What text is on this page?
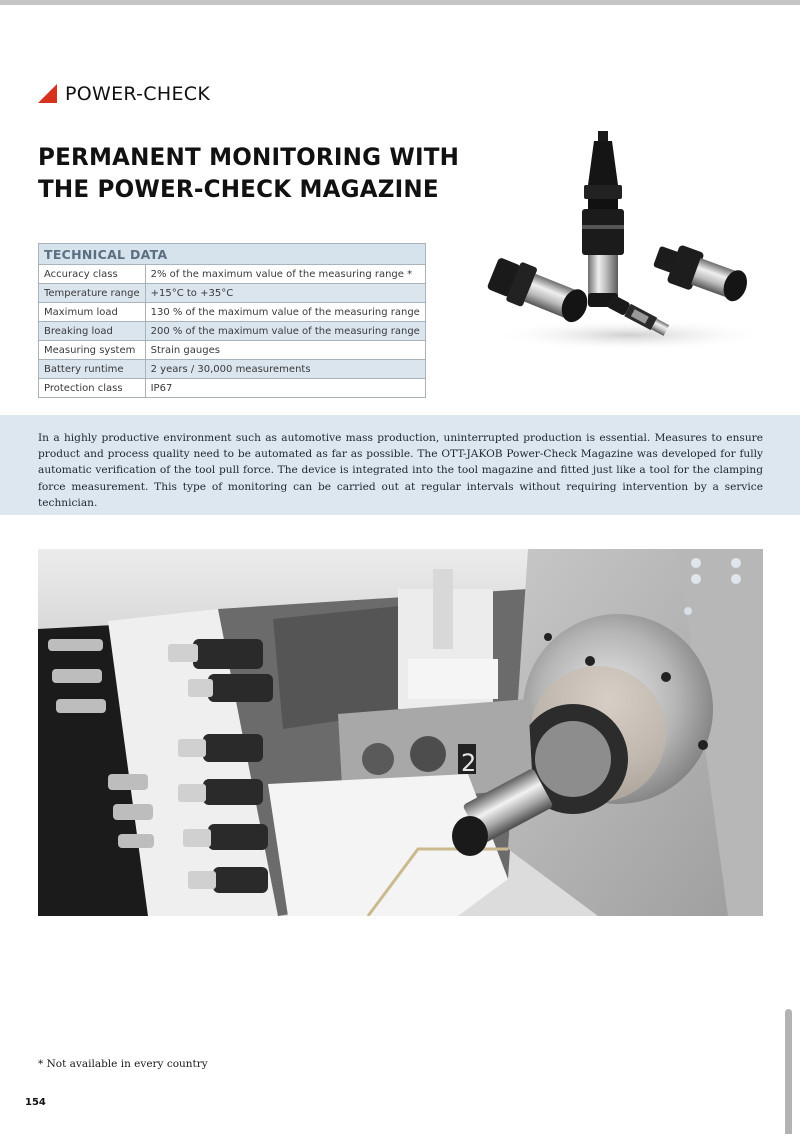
POWER-CHECK
PERMANENT MONITORING WITH
THE POWER-CHECK MAGAZINE
TECHNICAL DATA	
Accuracy class	2% of the maximum value of the measuring range *
Temperature range	+15°C to +35°C
Maximum load	130 % of the maximum value of the measuring range
Breaking load	200 % of the maximum value of the measuring range
Measuring system	Strain gauges
Battery runtime	2 years / 30,000 measurements
Protection class	IP67

In a highly productive environment such as automotive mass production, uninterrupted production is essential. Measures to ensure product and process quality need to be automated as far as possible. The OTT-JAKOB Power-Check Magazine was developed for fully automatic verification of the tool pull force. The device is integrated into the tool magazine and fitted just like a tool for the clamping force measurement. This type of monitoring can be carried out at regular intervals without requiring intervention by a service technician.

2
* Not available in every country
154
